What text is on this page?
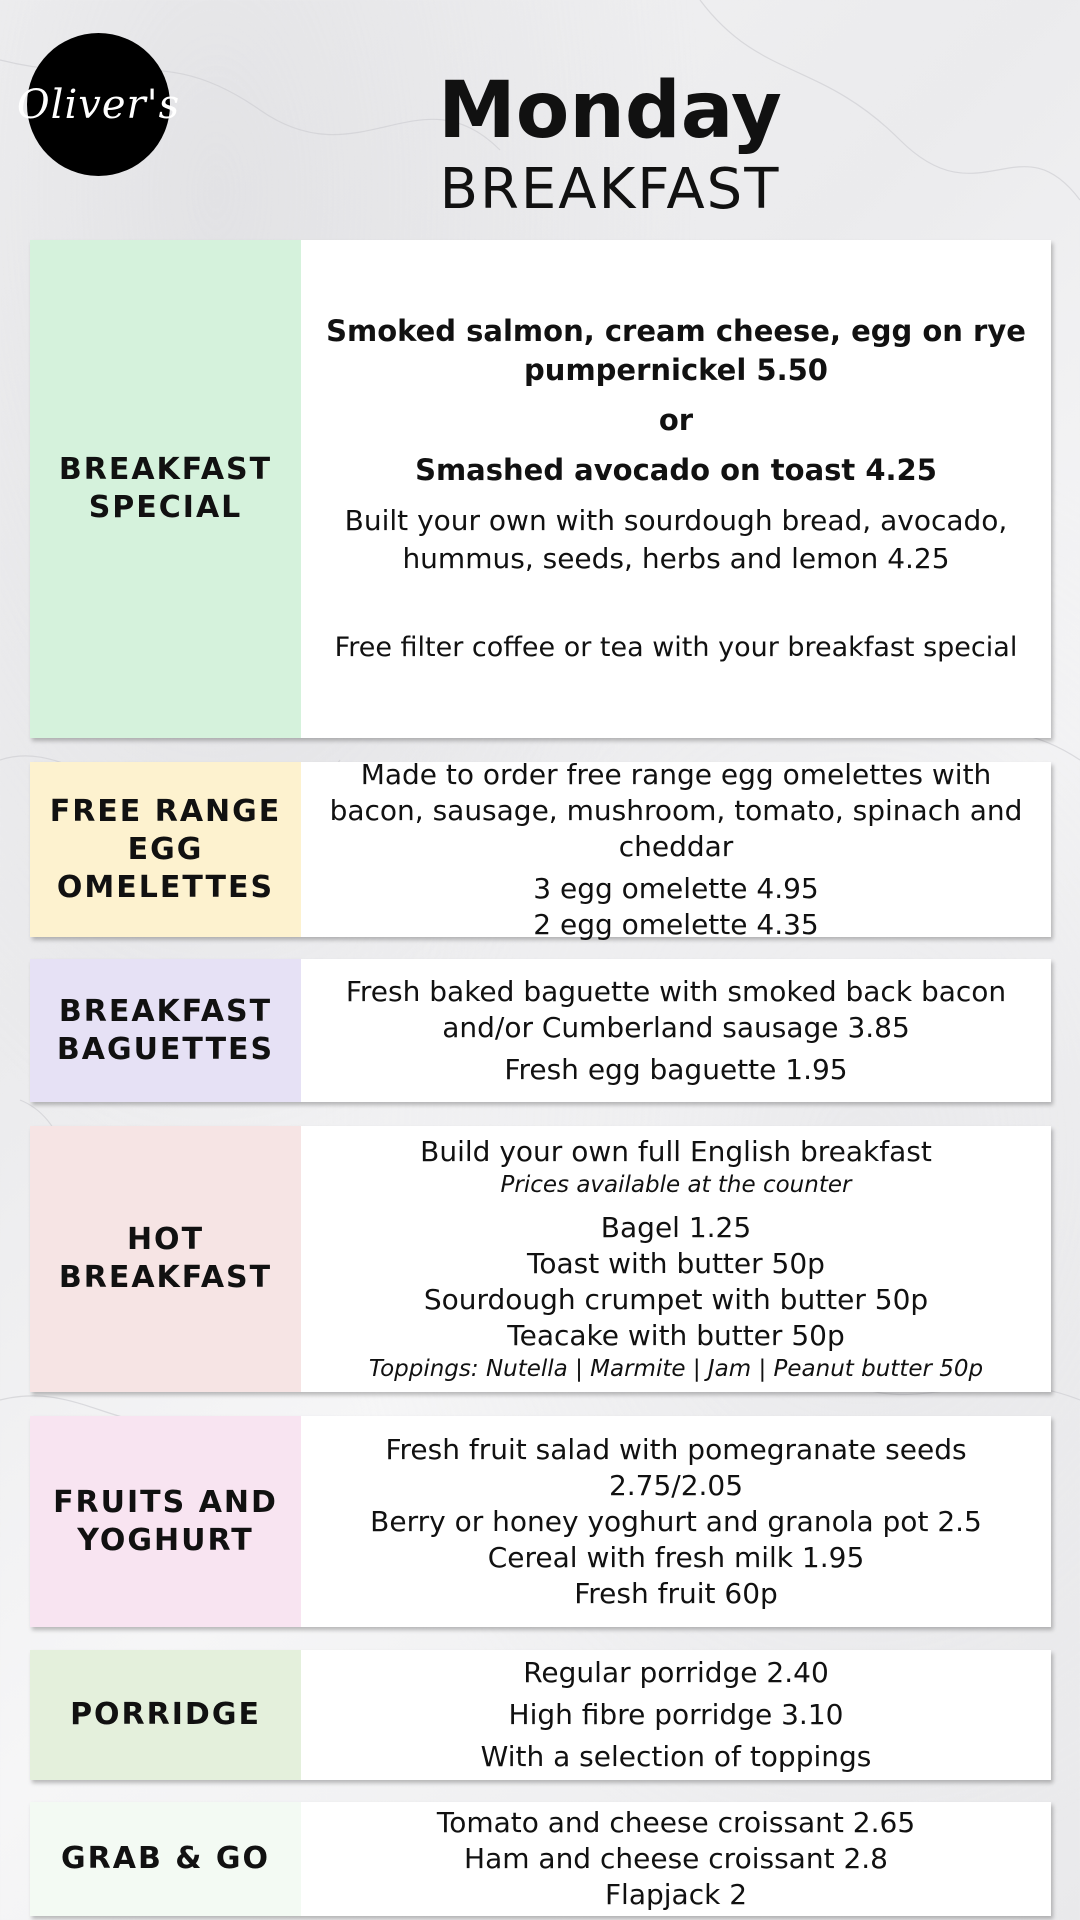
Oliver's	Monday
BREAKFAST
BREAKFAST SPECIAL

Smoked salmon, cream cheese, egg on rye pumpernickel 5.50

or

Smashed avocado on toast 4.25

Built your own with sourdough bread, avocado, hummus, seeds, herbs and lemon 4.25

Free filter coffee or tea with your breakfast special

FREE RANGE EGG OMELETTES

Made to order free range egg omelettes with bacon, sausage, mushroom, tomato, spinach and cheddar

3 egg omelette 4.95

2 egg omelette 4.35

BREAKFAST BAGUETTES

Fresh baked baguette with smoked back bacon and/or Cumberland sausage 3.85

Fresh egg baguette 1.95

HOT BREAKFAST

Build your own full English breakfast

Prices available at the counter

Bagel 1.25

Toast with butter 50p

Sourdough crumpet with butter 50p

Teacake with butter 50p

Toppings: Nutella | Marmite | Jam | Peanut butter 50p

FRUITS AND YOGHURT

Fresh fruit salad with pomegranate seeds 2.75/2.05

Berry or honey yoghurt and granola pot 2.5

Cereal with fresh milk 1.95

Fresh fruit 60p

PORRIDGE

Regular porridge 2.40

High fibre porridge 3.10

With a selection of toppings

GRAB & GO

Tomato and cheese croissant 2.65

Ham and cheese croissant 2.8

Flapjack 2
